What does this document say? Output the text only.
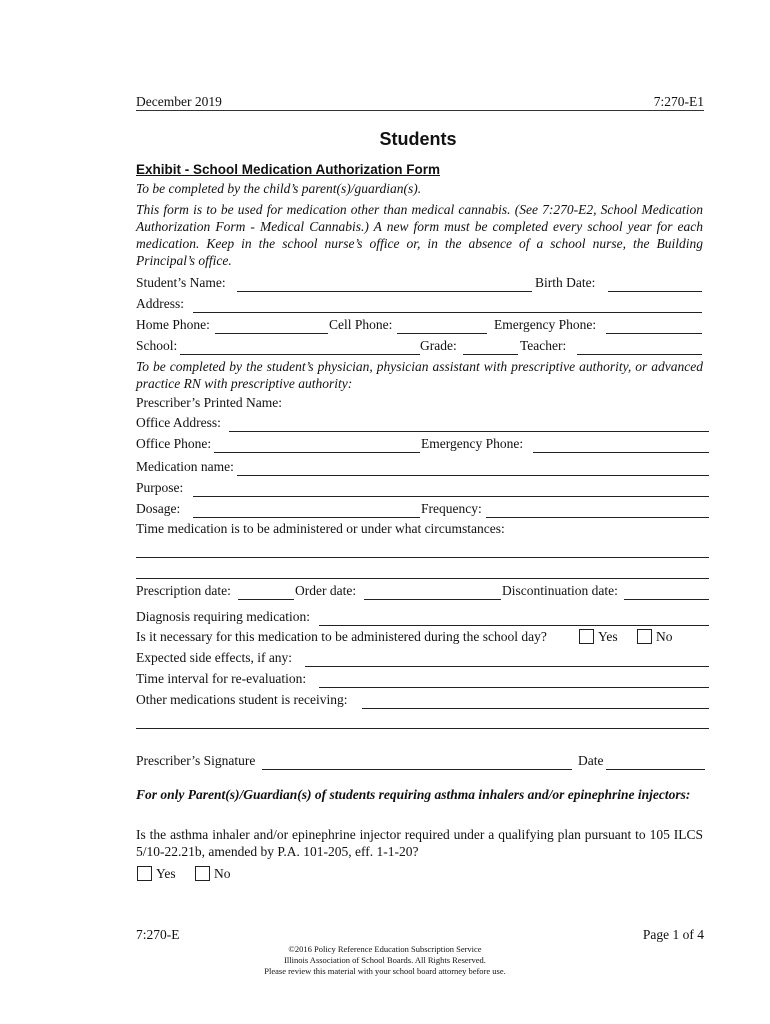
December 2019	7:270-E1
Students
Exhibit - School Medication Authorization Form
To be completed by the child’s parent(s)/guardian(s).
This form is to be used for medication other than medical cannabis. (See 7:270-E2, School Medication Authorization Form - Medical Cannabis.) A new form must be completed every school year for each medication. Keep in the school nurse’s office or, in the absence of a school nurse, the Building Principal’s office.
Student’s Name:	Birth Date:
Address:
Home Phone:	Cell Phone:	Emergency Phone:
School:	Grade:	Teacher:
To be completed by the student’s physician, physician assistant with prescriptive authority, or advanced practice RN with prescriptive authority:
Prescriber’s Printed Name:
Office Address:
Office Phone:	Emergency Phone:
Medication name:
Purpose:
Dosage:	Frequency:
Time medication is to be administered or under what circumstances:
Prescription date:	Order date:	Discontinuation date:
Diagnosis requiring medication:
Is it necessary for this medication to be administered during the school day?	Yes	No
Expected side effects, if any:
Time interval for re-evaluation:
Other medications student is receiving:
Prescriber’s Signature	Date
For only Parent(s)/Guardian(s) of students requiring asthma inhalers and/or epinephrine injectors:
Is the asthma inhaler and/or epinephrine injector required under a qualifying plan pursuant to 105 ILCS 5/10-22.21b, amended by P.A. 101-205, eff. 1-1-20?
Yes	No
7:270-E	Page 1 of 4
©2016 Policy Reference Education Subscription Service
Illinois Association of School Boards. All Rights Reserved.
Please review this material with your school board attorney before use.
